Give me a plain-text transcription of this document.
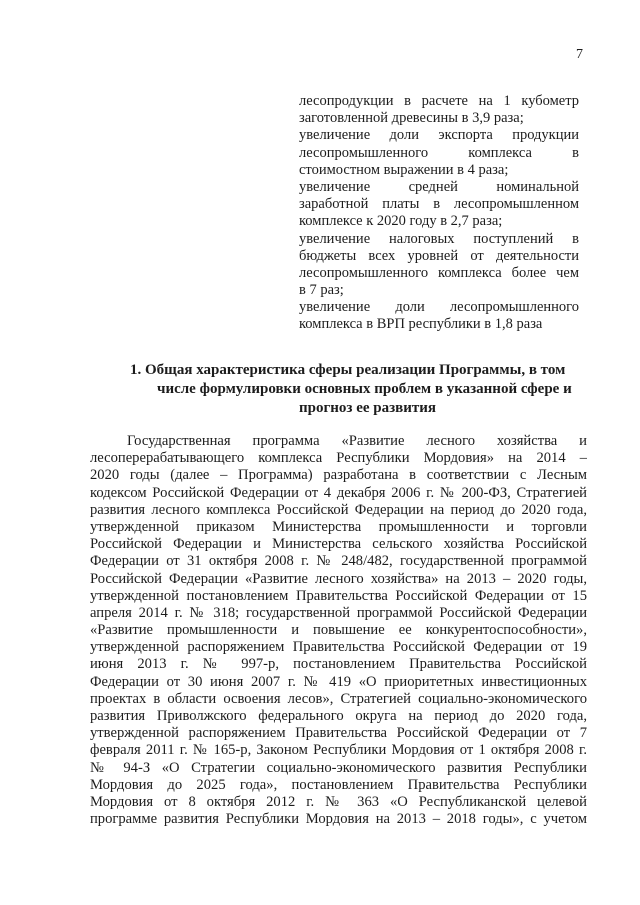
7
лесопродукции в расчете на 1 кубометр
заготовленной древесины в 3,9 раза;
увеличение доли экспорта продукции
лесопромышленного комплекса в
стоимостном выражении в 4 раза;
увеличение средней номинальной
заработной платы в лесопромышленном
комплексе к 2020 году в 2,7 раза;
увеличение налоговых поступлений в
бюджеты всех уровней от деятельности
лесопромышленного комплекса более чем
в 7 раз;
увеличение доли лесопромышленного
комплекса в ВРП республики в 1,8 раза
1. Общая характеристика сферы реализации Программы, в том
числе формулировки основных проблем в указанной сфере и
прогноз ее развития
Государственная программа «Развитие лесного хозяйства и
лесоперерабатывающего комплекса Республики Мордовия» на 2014 –
2020 годы (далее – Программа) разработана в соответствии с Лесным
кодексом Российской Федерации от 4 декабря 2006 г. № 200-ФЗ, Стратегией
развития лесного комплекса Российской Федерации на период до 2020 года,
утвержденной приказом Министерства промышленности и торговли
Российской Федерации и Министерства сельского хозяйства Российской
Федерации от 31 октября 2008 г. № 248/482, государственной программой
Российской Федерации «Развитие лесного хозяйства» на 2013 – 2020 годы,
утвержденной постановлением Правительства Российской Федерации от 15
апреля 2014 г. № 318; государственной программой Российской Федерации
«Развитие промышленности и повышение ее конкурентоспособности»,
утвержденной распоряжением Правительства Российской Федерации от 19
июня 2013 г. № 997-р, постановлением Правительства Российской
Федерации от 30 июня 2007 г. № 419 «О приоритетных инвестиционных
проектах в области освоения лесов», Стратегией социально-экономического
развития Приволжского федерального округа на период до 2020 года,
утвержденной распоряжением Правительства Российской Федерации от 7
февраля 2011 г. № 165-р, Законом Республики Мордовия от 1 октября 2008 г.
№ 94-З «О Стратегии социально-экономического развития Республики
Мордовия до 2025 года», постановлением Правительства Республики
Мордовия от 8 октября 2012 г. № 363 «О Республиканской целевой
программе развития Республики Мордовия на 2013 – 2018 годы», с учетом
